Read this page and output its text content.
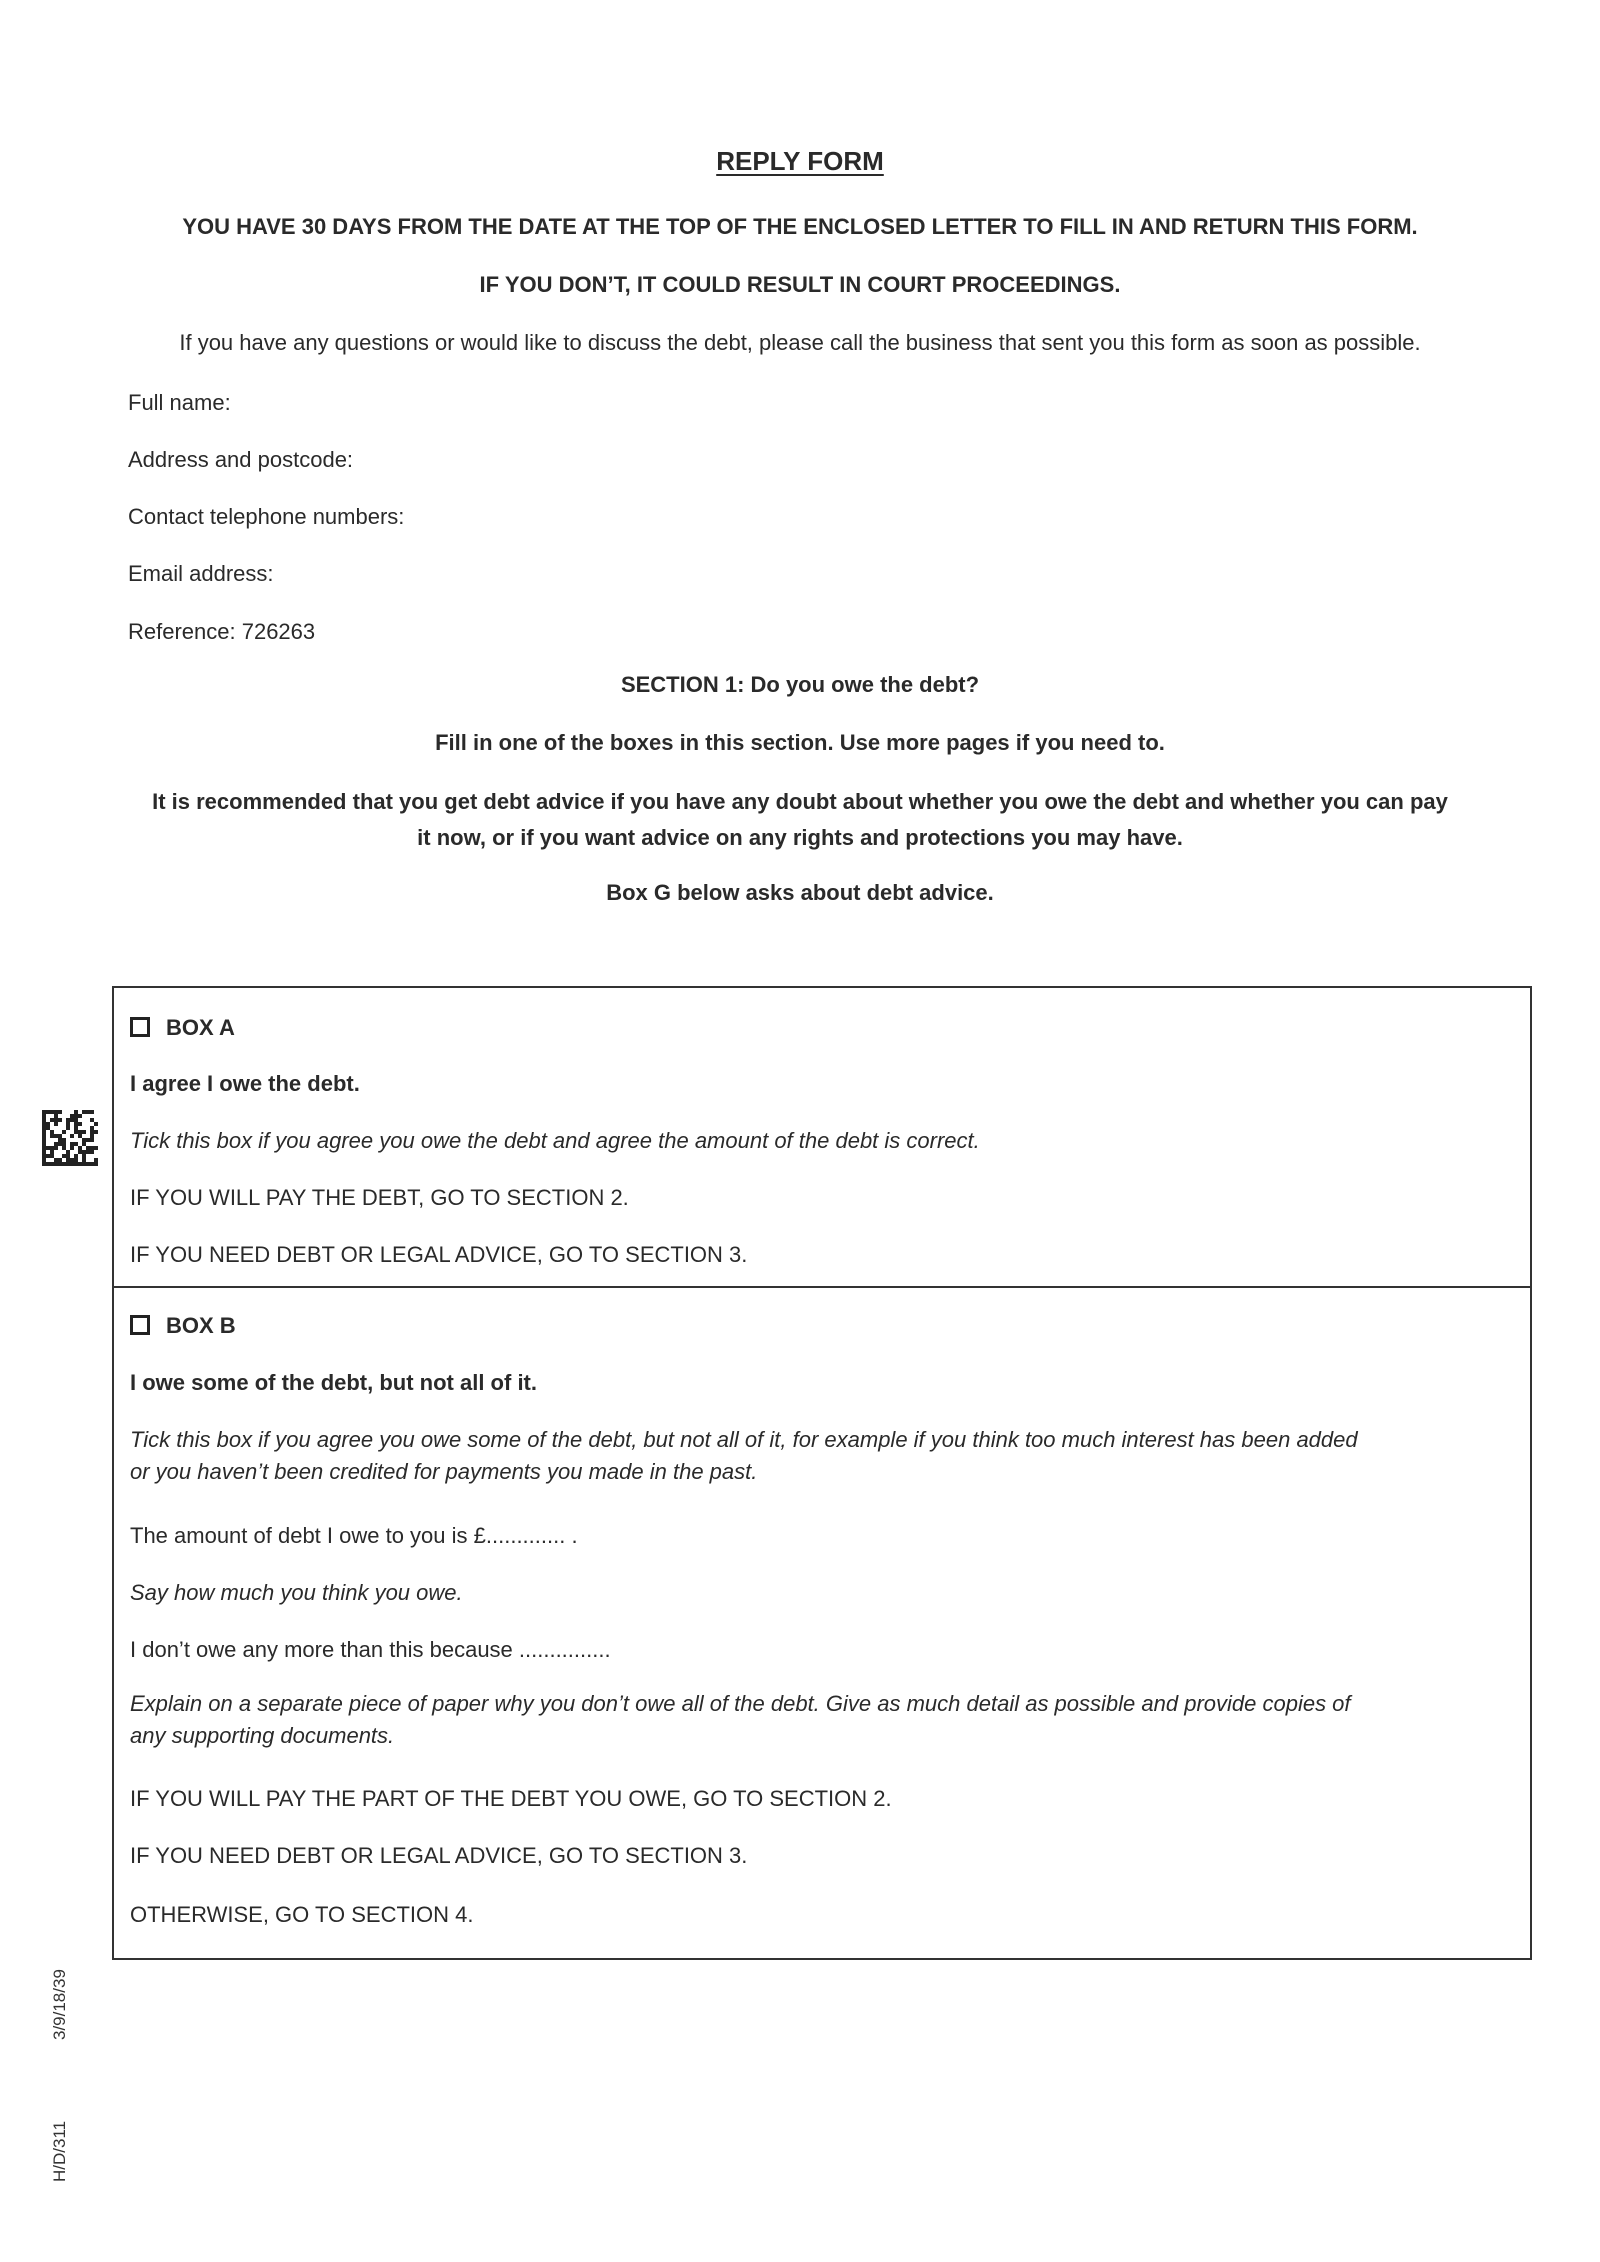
REPLY FORM
YOU HAVE 30 DAYS FROM THE DATE AT THE TOP OF THE ENCLOSED LETTER TO FILL IN AND RETURN THIS FORM.
IF YOU DON’T, IT COULD RESULT IN COURT PROCEEDINGS.
If you have any questions or would like to discuss the debt, please call the business that sent you this form as soon as possible.
Full name:
Address and postcode:
Contact telephone numbers:
Email address:
Reference: 726263
SECTION 1: Do you owe the debt?
Fill in one of the boxes in this section. Use more pages if you need to.
It is recommended that you get debt advice if you have any doubt about whether you owe the debt and whether you can pay
it now, or if you want advice on any rights and protections you may have.
Box G below asks about debt advice.
BOX A
I agree I owe the debt.
Tick this box if you agree you owe the debt and agree the amount of the debt is correct.
IF YOU WILL PAY THE DEBT, GO TO SECTION 2.
IF YOU NEED DEBT OR LEGAL ADVICE, GO TO SECTION 3.
BOX B
I owe some of the debt, but not all of it.
Tick this box if you agree you owe some of the debt, but not all of it, for example if you think too much interest has been added
or you haven’t been credited for payments you made in the past.
The amount of debt I owe to you is £............. .
Say how much you think you owe.
I don’t owe any more than this because ...............
Explain on a separate piece of paper why you don’t owe all of the debt. Give as much detail as possible and provide copies of
any supporting documents.
IF YOU WILL PAY THE PART OF THE DEBT YOU OWE, GO TO SECTION 2.
IF YOU NEED DEBT OR LEGAL ADVICE, GO TO SECTION 3.
OTHERWISE, GO TO SECTION 4.
3/9/18/39
H/D/311
